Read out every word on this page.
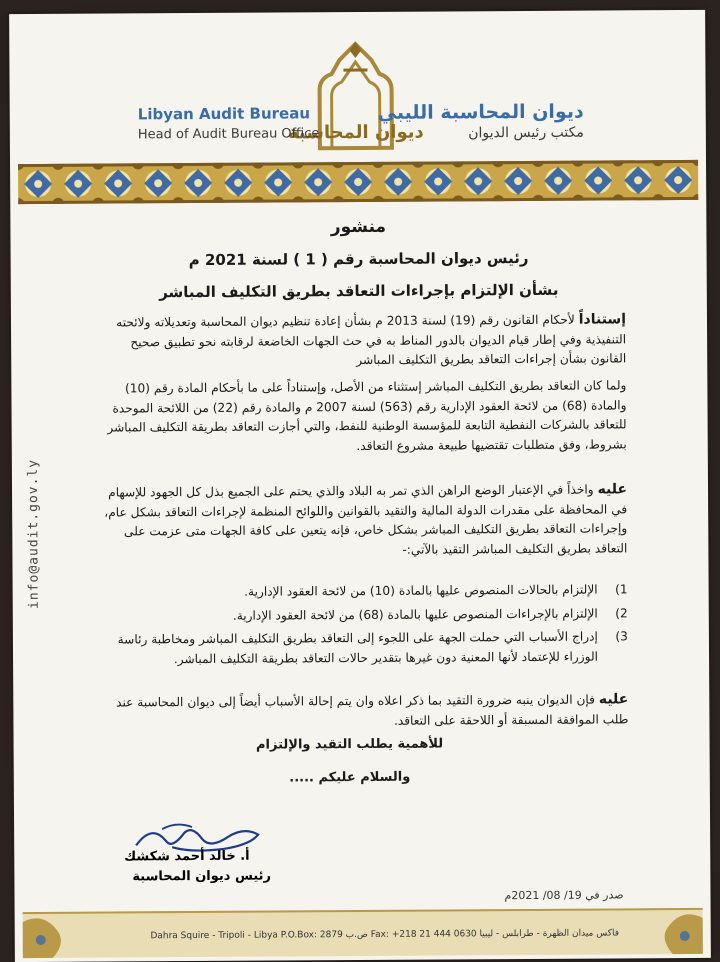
ديوان المحاسبة
Libyan Audit Bureau
Head of Audit Bureau Office
ديوان المحاسبة الليبي
مكتب رئيس الديوان
info@audit.gov.ly
منشور
رئيس ديوان المحاسبة رقم ( 1 ) لسنة 2021 م
بشأن الإلتزام بإجراءات التعاقد بطريق التكليف المباشر
إستناداً لأحكام القانون رقم (19) لسنة 2013 م بشأن إعادة تنظيم ديوان المحاسبة وتعديلاته ولائحته التنفيذية وفي إطار قيام الديوان بالدور المناط به في حث الجهات الخاضعة لرقابته نحو تطبيق صحيح القانون بشأن إجراءات التعاقد بطريق التكليف المباشر
ولما كان التعاقد بطريق التكليف المباشر إستثناء من الأصل، وإستناداً على ما بأحكام المادة رقم (10) والمادة (68) من لائحة العقود الإدارية رقم (563) لسنة 2007 م والمادة رقم (22) من اللائحة الموحدة للتعاقد بالشركات النفطية التابعة للمؤسسة الوطنية للنفط، والتي أجازت التعاقد بطريقة التكليف المباشر بشروط، وفق متطلبات تقتضيها طبيعة مشروع التعاقد.
عليه واخذاً في الإعتبار الوضع الراهن الذي تمر به البلاد والذي يحتم على الجميع بذل كل الجهود للإسهام في المحافظة على مقدرات الدولة المالية والتقيد بالقوانين واللوائح المنظمة لإجراءات التعاقد بشكل عام، وإجراءات التعاقد بطريق التكليف المباشر بشكل خاص، فإنه يتعين على كافة الجهات متى عزمت على التعاقد بطريق التكليف المباشر التقيد بالآتي:-
1)
الإلتزام بالحالات المنصوص عليها بالمادة (10) من لائحة العقود الإدارية.
2)
الإلتزام بالإجراءات المنصوص عليها بالمادة (68) من لائحة العقود الإدارية.
3)
إدراج الأسباب التي حملت الجهة على اللجوء إلى التعاقد بطريق التكليف المباشر ومخاطبة رئاسة الوزراء للإعتماد لأنها المعنية دون غيرها بتقدير حالات التعاقد بطريقة التكليف المباشر.
عليه فإن الديوان ينبه ضرورة التقيد بما ذكر اعلاه وان يتم إحالة الأسباب أيضاً إلى ديوان المحاسبة عند طلب الموافقة المسبقة أو اللاحقة على التعاقد.
للأهمية يطلب التقيد والإلتزام
والسلام عليكم .....
أ. خالد أحمد شكشك
رئيس ديوان المحاسبة
صدر في 19/ 08/ 2021م
Dahra Squire - Tripoli - Libya P.O.Box: 2879 ص.ب Fax: +218 21 444 0630 فاكس ميدان الظهرة - طرابلس - ليبيا
